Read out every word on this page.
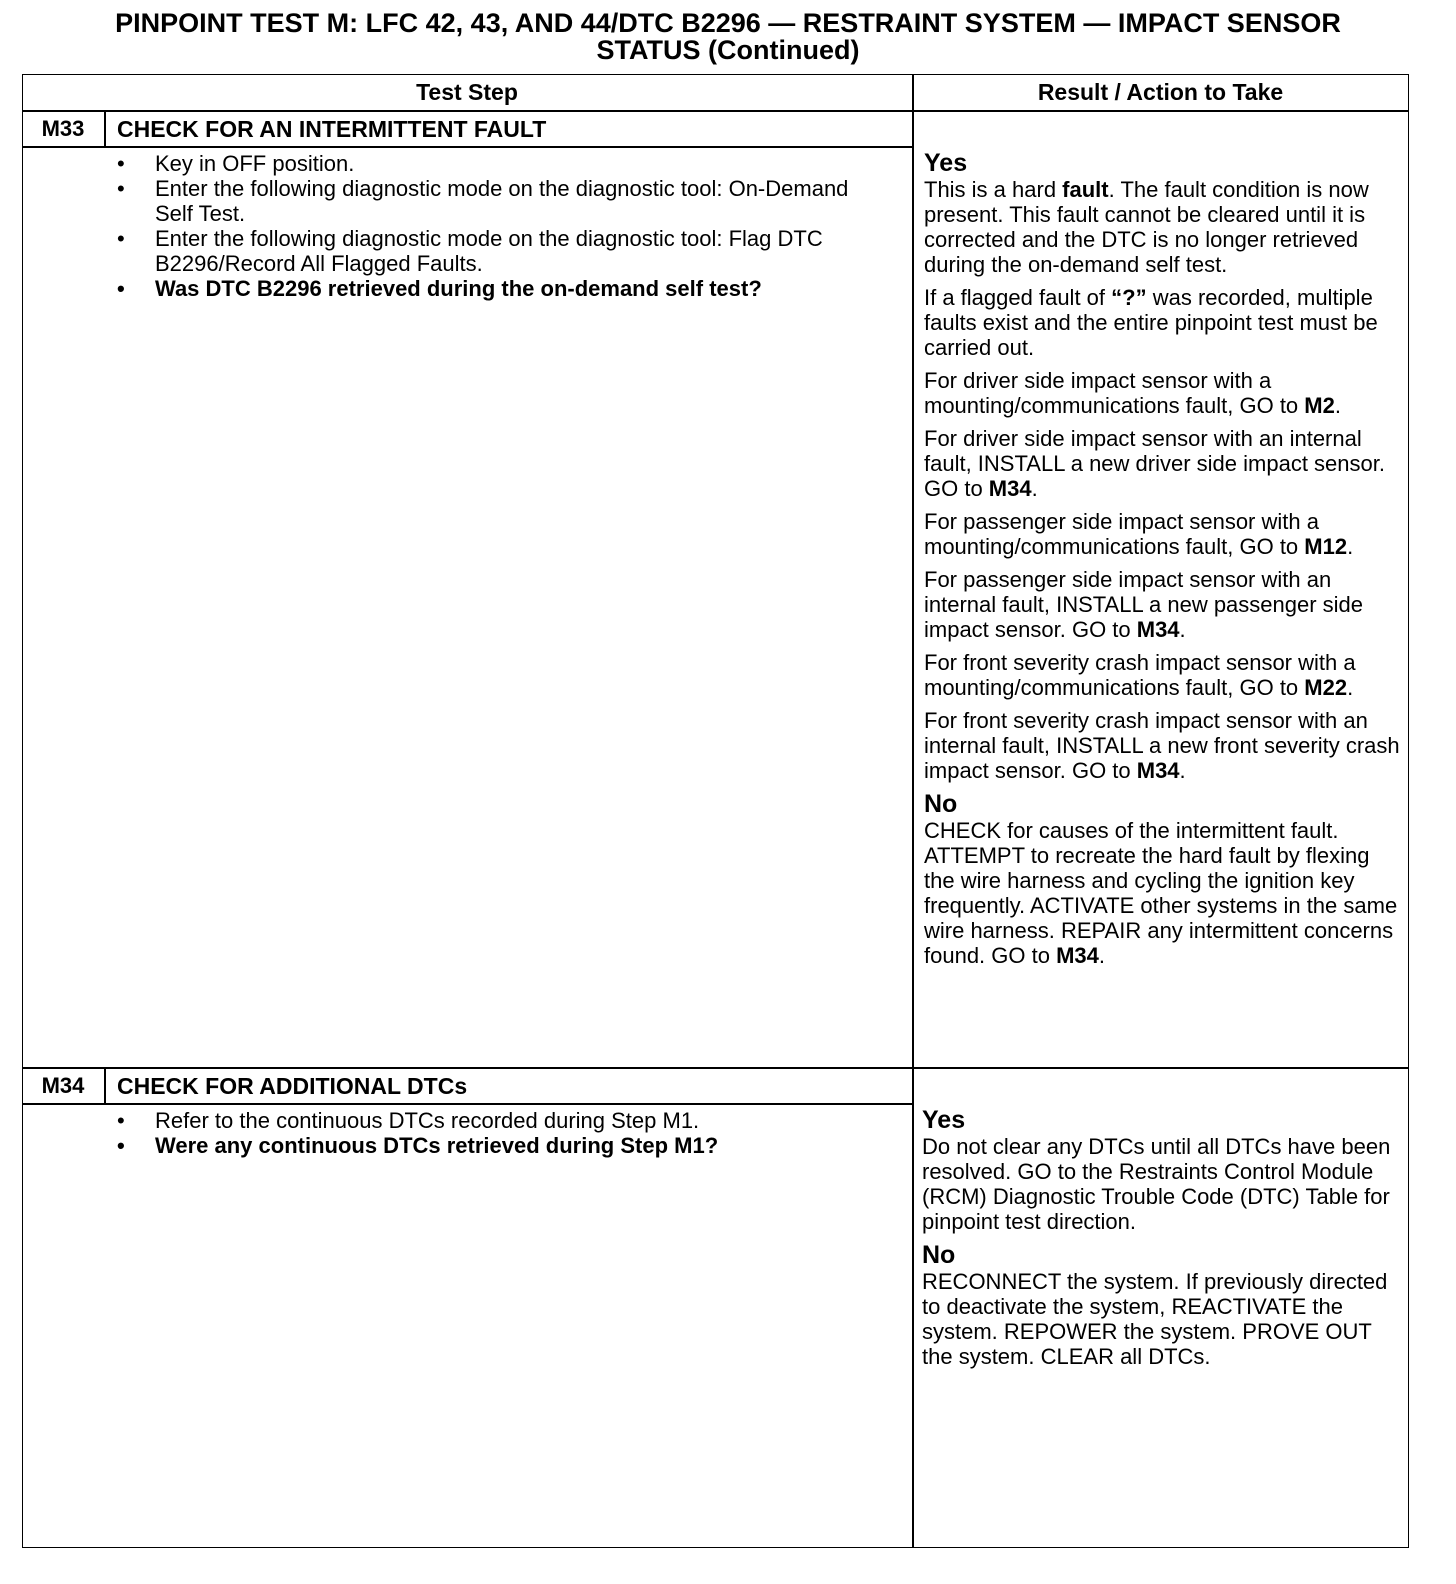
PINPOINT TEST M: LFC 42, 43, AND 44/DTC B2296 — RESTRAINT SYSTEM — IMPACT SENSOR
STATUS (Continued)
Test Step	Result / Action to Take
M33	CHECK FOR AN INTERMITTENT FAULT
• Key in OFF position.
• Enter the following diagnostic mode on the diagnostic tool: On-Demand Self Test.
• Enter the following diagnostic mode on the diagnostic tool: Flag DTC B2296/Record All Flagged Faults.
• Was DTC B2296 retrieved during the on-demand self test?
Yes

This is a hard fault. The fault condition is now present. This fault cannot be cleared until it is corrected and the DTC is no longer retrieved during the on-demand self test.

If a flagged fault of “?” was recorded, multiple faults exist and the entire pinpoint test must be carried out.

For driver side impact sensor with a mounting/communications fault, GO to M2.

For driver side impact sensor with an internal fault, INSTALL a new driver side impact sensor. GO to M34.

For passenger side impact sensor with a mounting/communications fault, GO to M12.

For passenger side impact sensor with an internal fault, INSTALL a new passenger side impact sensor. GO to M34.

For front severity crash impact sensor with a mounting/communications fault, GO to M22.

For front severity crash impact sensor with an internal fault, INSTALL a new front severity crash impact sensor. GO to M34.

No

CHECK for causes of the intermittent fault. ATTEMPT to recreate the hard fault by flexing the wire harness and cycling the ignition key frequently. ACTIVATE other systems in the same wire harness. REPAIR any intermittent concerns found. GO to M34.

M34	CHECK FOR ADDITIONAL DTCs
• Refer to the continuous DTCs recorded during Step M1.
• Were any continuous DTCs retrieved during Step M1?
Yes

Do not clear any DTCs until all DTCs have been resolved. GO to the Restraints Control Module (RCM) Diagnostic Trouble Code (DTC) Table for pinpoint test direction.

No

RECONNECT the system. If previously directed to deactivate the system, REACTIVATE the system. REPOWER the system. PROVE OUT the system. CLEAR all DTCs.
